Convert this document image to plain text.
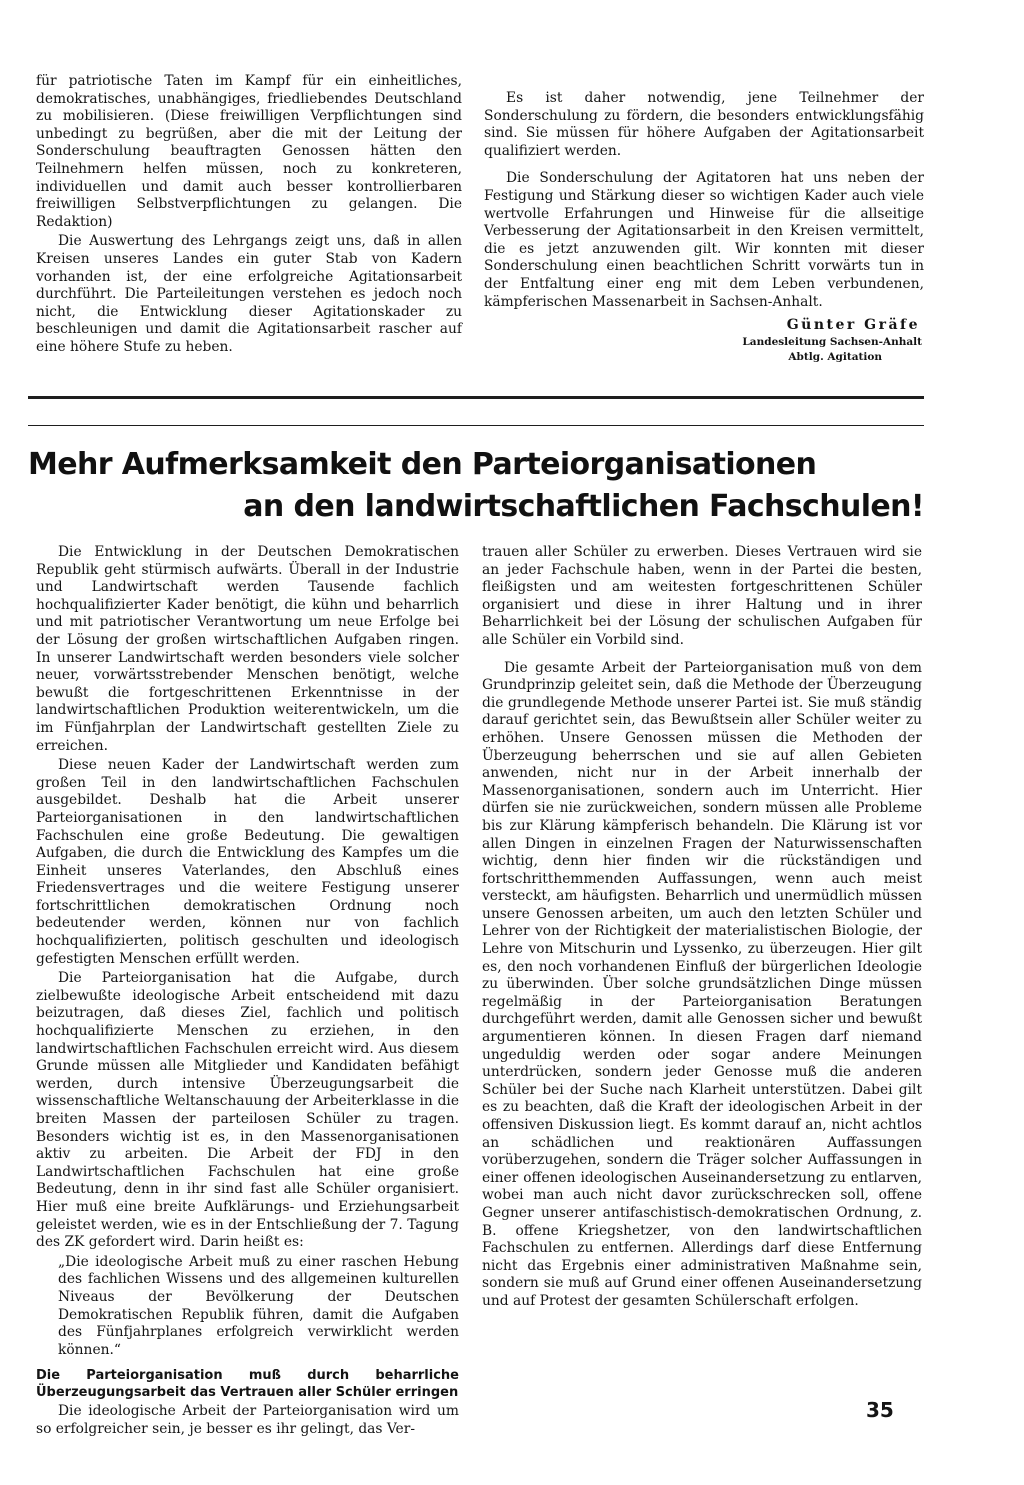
für patriotische Taten im Kampf für ein einheitliches, demokratisches, unabhängiges, friedliebendes Deutschland zu mobilisieren. (Diese freiwilligen Verpflichtungen sind unbedingt zu begrüßen, aber die mit der Leitung der Sonderschulung beauftragten Genossen hätten den Teilnehmern helfen müssen, noch zu konkreteren, individuellen und damit auch besser kontrollierbaren freiwilligen Selbstverpflichtungen zu gelangen. Die Redaktion)

Die Auswertung des Lehrgangs zeigt uns, daß in allen Kreisen unseres Landes ein guter Stab von Kadern vorhanden ist, der eine erfolgreiche Agitationsarbeit durchführt. Die Parteileitungen verstehen es jedoch noch nicht, die Entwicklung dieser Agitationskader zu beschleunigen und damit die Agitationsarbeit rascher auf eine höhere Stufe zu heben.

Es ist daher notwendig, jene Teilnehmer der Sonderschulung zu fördern, die besonders entwicklungsfähig sind. Sie müssen für höhere Aufgaben der Agitationsarbeit qualifiziert werden.

Die Sonderschulung der Agitatoren hat uns neben der Festigung und Stärkung dieser so wichtigen Kader auch viele wertvolle Erfahrungen und Hinweise für die allseitige Verbesserung der Agitationsarbeit in den Kreisen vermittelt, die es jetzt anzuwenden gilt. Wir konnten mit dieser Sonderschulung einen beachtlichen Schritt vorwärts tun in der Entfaltung einer eng mit dem Leben verbundenen, kämpferischen Massenarbeit in Sachsen-Anhalt.

Günter Gräfe
Landesleitung Sachsen-Anhalt
Abtlg. Agitation
Mehr Aufmerksamkeit den Parteiorganisationen
an den landwirtschaftlichen Fachschulen!

Die Entwicklung in der Deutschen Demokratischen Republik geht stürmisch aufwärts. Überall in der Industrie und Landwirtschaft werden Tausende fachlich hochqualifizierter Kader benötigt, die kühn und beharrlich und mit patriotischer Verantwortung um neue Erfolge bei der Lösung der großen wirtschaftlichen Aufgaben ringen. In unserer Landwirtschaft werden besonders viele solcher neuer, vorwärtsstrebender Menschen benötigt, welche bewußt die fortgeschrittenen Erkenntnisse in der landwirtschaftlichen Produktion weiterentwickeln, um die im Fünfjahrplan der Landwirtschaft gestellten Ziele zu erreichen.

Diese neuen Kader der Landwirtschaft werden zum großen Teil in den landwirtschaftlichen Fachschulen ausgebildet. Deshalb hat die Arbeit unserer Parteiorganisationen in den landwirtschaftlichen Fachschulen eine große Bedeutung. Die gewaltigen Aufgaben, die durch die Entwicklung des Kampfes um die Einheit unseres Vaterlandes, den Abschluß eines Friedensvertrages und die weitere Festigung unserer fortschrittlichen demokratischen Ordnung noch bedeutender werden, können nur von fachlich hochqualifizierten, politisch geschulten und ideologisch gefestigten Menschen erfüllt werden.

Die Parteiorganisation hat die Aufgabe, durch zielbewußte ideologische Arbeit entscheidend mit dazu beizutragen, daß dieses Ziel, fachlich und politisch hochqualifizierte Menschen zu erziehen, in den landwirtschaftlichen Fachschulen erreicht wird. Aus diesem Grunde müssen alle Mitglieder und Kandidaten befähigt werden, durch intensive Überzeugungsarbeit die wissenschaftliche Weltanschauung der Arbeiterklasse in die breiten Massen der parteilosen Schüler zu tragen. Besonders wichtig ist es, in den Massenorganisationen aktiv zu arbeiten. Die Arbeit der FDJ in den Landwirtschaftlichen Fachschulen hat eine große Bedeutung, denn in ihr sind fast alle Schüler organisiert. Hier muß eine breite Aufklärungs- und Erziehungsarbeit geleistet werden, wie es in der Entschließung der 7. Tagung des ZK gefordert wird. Darin heißt es:

„Die ideologische Arbeit muß zu einer raschen Hebung des fachlichen Wissens und des allgemeinen kulturellen Niveaus der Bevölkerung der Deutschen Demokratischen Republik führen, damit die Aufgaben des Fünfjahrplanes erfolgreich verwirklicht werden können.“

Die Parteiorganisation muß durch beharrliche Überzeugungsarbeit das Vertrauen aller Schüler erringen

Die ideologische Arbeit der Parteiorganisation wird um so erfolgreicher sein, je besser es ihr gelingt, das Ver-

trauen aller Schüler zu erwerben. Dieses Vertrauen wird sie an jeder Fachschule haben, wenn in der Partei die besten, fleißigsten und am weitesten fortgeschrittenen Schüler organisiert und diese in ihrer Haltung und in ihrer Beharrlichkeit bei der Lösung der schulischen Aufgaben für alle Schüler ein Vorbild sind.

Die gesamte Arbeit der Parteiorganisation muß von dem Grundprinzip geleitet sein, daß die Methode der Überzeugung die grundlegende Methode unserer Partei ist. Sie muß ständig darauf gerichtet sein, das Bewußtsein aller Schüler weiter zu erhöhen. Unsere Genossen müssen die Methoden der Überzeugung beherrschen und sie auf allen Gebieten anwenden, nicht nur in der Arbeit innerhalb der Massenorganisationen, sondern auch im Unterricht. Hier dürfen sie nie zurückweichen, sondern müssen alle Probleme bis zur Klärung kämpferisch behandeln. Die Klärung ist vor allen Dingen in einzelnen Fragen der Naturwissenschaften wichtig, denn hier finden wir die rückständigen und fortschritthemmenden Auffassungen, wenn auch meist versteckt, am häufigsten. Beharrlich und unermüdlich müssen unsere Genossen arbeiten, um auch den letzten Schüler und Lehrer von der Richtigkeit der materialistischen Biologie, der Lehre von Mitschurin und Lyssenko, zu überzeugen. Hier gilt es, den noch vorhandenen Einfluß der bürgerlichen Ideologie zu überwinden. Über solche grundsätzlichen Dinge müssen regelmäßig in der Parteiorganisation Beratungen durchgeführt werden, damit alle Genossen sicher und bewußt argumentieren können. In diesen Fragen darf niemand ungeduldig werden oder sogar andere Meinungen unterdrücken, sondern jeder Genosse muß die anderen Schüler bei der Suche nach Klarheit unterstützen. Dabei gilt es zu beachten, daß die Kraft der ideologischen Arbeit in der offensiven Diskussion liegt. Es kommt darauf an, nicht achtlos an schädlichen und reaktionären Auffassungen vorüberzugehen, sondern die Träger solcher Auffassungen in einer offenen ideologischen Auseinandersetzung zu entlarven, wobei man auch nicht davor zurückschrecken soll, offene Gegner unserer antifaschistisch-demokratischen Ordnung, z. B. offene Kriegshetzer, von den landwirtschaftlichen Fachschulen zu entfernen. Allerdings darf diese Entfernung nicht das Ergebnis einer administrativen Maßnahme sein, sondern sie muß auf Grund einer offenen Auseinandersetzung und auf Protest der gesamten Schülerschaft erfolgen.

35
